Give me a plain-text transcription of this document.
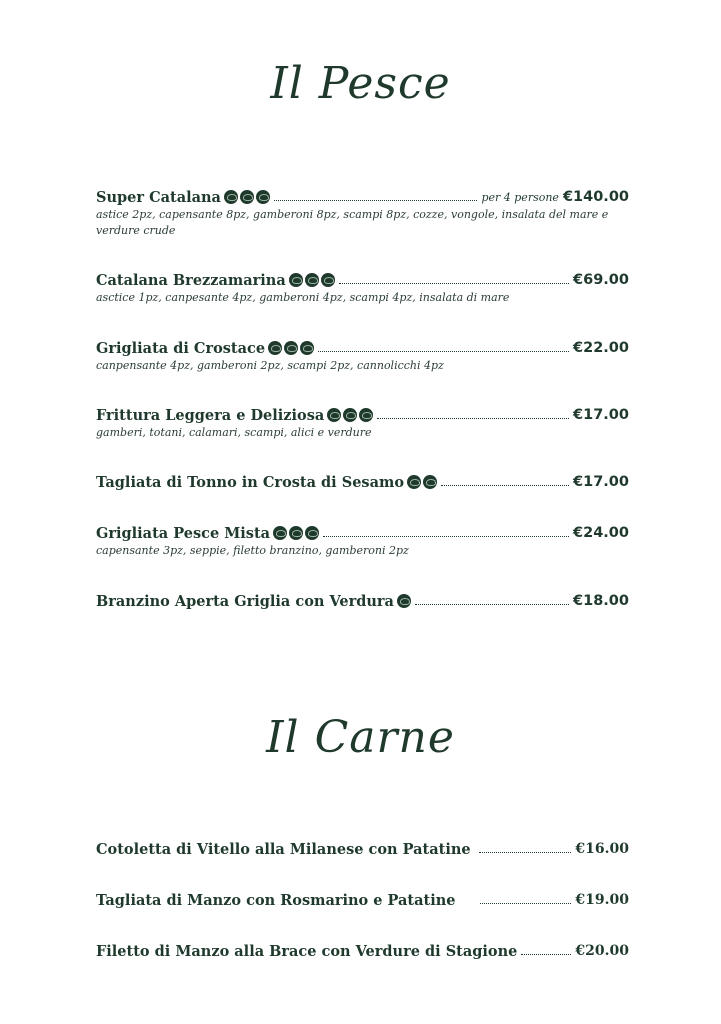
Il Pesce
Super Catalana	per 4 persone €140.00
astice 2pz, capensante 8pz, gamberoni 8pz, scampi 8pz, cozze, vongole, insalata del mare e verdure crude
Catalana Brezzamarina	€69.00
asctice 1pz, canpesante 4pz, gamberoni 4pz, scampi 4pz, insalata di mare
Grigliata di Crostace	€22.00
canpensante 4pz, gamberoni 2pz, scampi 2pz, cannolicchi 4pz
Frittura Leggera e Deliziosa	€17.00
gamberi, totani, calamari, scampi, alici e verdure
Tagliata di Tonno in Crosta di Sesamo	€17.00
Grigliata Pesce Mista	€24.00
capensante 3pz, seppie, filetto branzino, gamberoni 2pz
Branzino Aperta Griglia con Verdura	€18.00
Il Carne
Cotoletta di Vitello alla Milanese con Patatine	€16.00
Tagliata di Manzo con Rosmarino e Patatine	€19.00
Filetto di Manzo alla Brace con Verdure di Stagione	€20.00
